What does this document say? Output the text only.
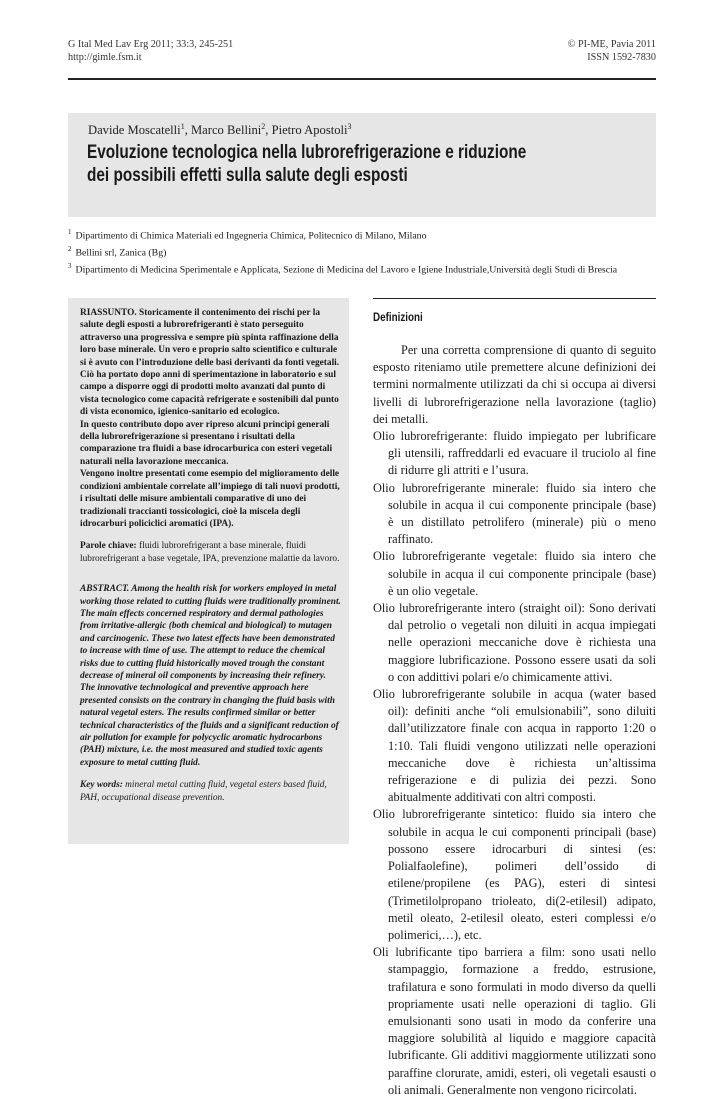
G Ital Med Lav Erg 2011; 33:3, 245-251
http://gimle.fsm.it
© PI-ME, Pavia 2011
ISSN 1592-7830
Davide Moscatelli$^1$, Marco Bellini$^2$, Pietro Apostoli$^3$
Evoluzione tecnologica nella lubrorefrigerazione e riduzione
dei possibili effetti sulla salute degli esposti
$^1$ Dipartimento di Chimica Materiali ed Ingegneria Chimica, Politecnico di Milano, Milano
$^2$ Bellini srl, Zanica (Bg)
$^3$ Dipartimento di Medicina Sperimentale e Applicata, Sezione di Medicina del Lavoro e Igiene Industriale,Università degli Studi di Brescia

RIASSUNTO. Storicamente il contenimento dei rischi per la salute degli esposti a lubrorefrigeranti è stato perseguito attraverso una progressiva e sempre più spinta raffinazione della loro base minerale. Un vero e proprio salto scientifico e culturale si è avuto con l’introduzione delle basi derivanti da fonti vegetali. Ciò ha portato dopo anni di sperimentazione in laboratorio e sul campo a disporre oggi di prodotti molto avanzati dal punto di vista tecnologico come capacità refrigerate e sostenibili dal punto di vista economico, igienico-sanitario ed ecologico.

In questo contributo dopo aver ripreso alcuni principi generali della lubrorefrigerazione si presentano i risultati della comparazione tra fluidi a base idrocarburica con esteri vegetali naturali nella lavorazione meccanica.

Vengono inoltre presentati come esempio del miglioramento delle condizioni ambientale correlate all’impiego di tali nuovi prodotti, i risultati delle misure ambientali comparative di uno dei tradizionali traccianti tossicologici, cioè la miscela degli idrocarburi policiclici aromatici (IPA).

Parole chiave: fluidi lubrorefrigerant a base minerale, fluidi lubrorefrigerant a base vegetale, IPA, prevenzione malattie da lavoro.

ABSTRACT. Among the health risk for workers employed in metal working those related to cutting fluids were traditionally prominent. The main effects concerned respiratory and dermal pathologies from irritative-allergic (both chemical and biological) to mutagen and carcinogenic. These two latest effects have been demonstrated to increase with time of use. The attempt to reduce the chemical risks due to cutting fluid historically moved trough the constant decrease of mineral oil components by increasing their refinery.

The innovative technological and preventive approach here presented consists on the contrary in changing the fluid basis with natural vegetal esters. The results confirmed similar or better technical characteristics of the fluids and a significant reduction of air pollution for example for polycyclic aromatic hydrocarbons (PAH) mixture, i.e. the most measured and studied toxic agents exposure to metal cutting fluid.

Key words: mineral metal cutting fluid, vegetal esters based fluid, PAH, occupational disease prevention.
Definizioni

Per una corretta comprensione di quanto di seguito esposto riteniamo utile premettere alcune definizioni dei termini normalmente utilizzati da chi si occupa ai diversi livelli di lubrorefrigerazione nella lavorazione (taglio) dei metalli.

Olio lubrorefrigerante: fluido impiegato per lubrificare gli utensili, raffreddarli ed evacuare il truciolo al fine di ridurre gli attriti e l’usura.

Olio lubrorefrigerante minerale: fluido sia intero che solubile in acqua il cui componente principale (base) è un distillato petrolifero (minerale) più o meno raffinato.

Olio lubrorefrigerante vegetale: fluido sia intero che solubile in acqua il cui componente principale (base) è un olio vegetale.

Olio lubrorefrigerante intero (straight oil): Sono derivati dal petrolio o vegetali non diluiti in acqua impiegati nelle operazioni meccaniche dove è richiesta una maggiore lubrificazione. Possono essere usati da soli o con addittivi polari e/o chimicamente attivi.

Olio lubrorefrigerante solubile in acqua (water based oil): definiti anche “oli emulsionabili”, sono diluiti dall’utilizzatore finale con acqua in rapporto 1:20 o 1:10. Tali fluidi vengono utilizzati nelle operazioni meccaniche dove è richiesta un’altissima refrigerazione e di pulizia dei pezzi. Sono abitualmente additivati con altri composti.

Olio lubrorefrigerante sintetico: fluido sia intero che solubile in acqua le cui componenti principali (base) possono essere idrocarburi di sintesi (es: Polialfaolefine), polimeri dell’ossido di etilene/propilene (es PAG), esteri di sintesi (Trimetilolpropano trioleato, di(2-etilesil) adipato, metil oleato, 2-etilesil oleato, esteri complessi e/o polimerici,…), etc.

Oli lubrificante tipo barriera a film: sono usati nello stampaggio, formazione a freddo, estrusione, trafilatura e sono formulati in modo diverso da quelli propriamente usati nelle operazioni di taglio. Gli emulsionanti sono usati in modo da conferire una maggiore solubilità al liquido e maggiore capacità lubrificante. Gli additivi maggiormente utilizzati sono paraffine clorurate, amidi, esteri, oli vegetali esausti o oli animali. Generalmente non vengono ricircolati.
